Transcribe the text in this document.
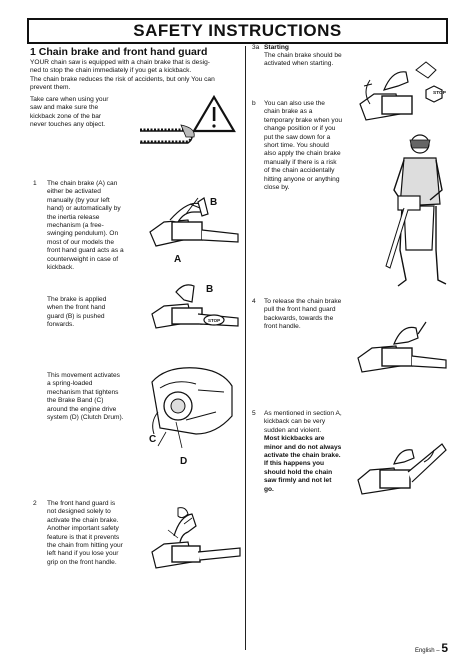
SAFETY INSTRUCTIONS
1 Chain brake and front hand guard
YOUR chain saw is equipped with a chain brake that is desig-
ned to stop the chain immediately if you get a kickback.
The chain brake reduces the risk of accidents, but only You can
prevent them.
Take care when using your
saw and make sure the
kickback zone of the bar
never touches any object.
1 The chain brake (A) can
either be activated
manually (by your left
hand) or automatically by
the inertia release
mechanism (a free-
swinging pendulum). On
most of our models the
front hand guard acts as a
counterweight in case of
kickback.
B
A
The brake is applied
when the front hand
guard (B) is pushed
forwards.
B
STOP
This movement activates
a spring-loaded
mechanism that tightens
the Brake Band (C)
around the engine drive
system (D) (Clutch Drum).
C
D
2 The front hand guard is
not designed solely to
activate the chain brake.
Another important safety
feature is that it prevents
the chain from hitting your
left hand if you lose your
grip on the front handle.
3a Starting
The chain brake should be
activated when starting.
STOP
b You can also use the
chain brake as a
temporary brake when you
change position or if you
put the saw down for a
short time. You should
also apply the chain brake
manually if there is a risk
of the chain accidentally
hitting anyone or anything
close by.
4 To release the chain brake
pull the front hand guard
backwards, towards the
front handle.
5 As mentioned in section A,
kickback can be very
sudden and violent.
Most kickbacks are
minor and do not always
activate the chain brake.
If this happens you
should hold the chain
saw firmly and not let
go.
English – 5
